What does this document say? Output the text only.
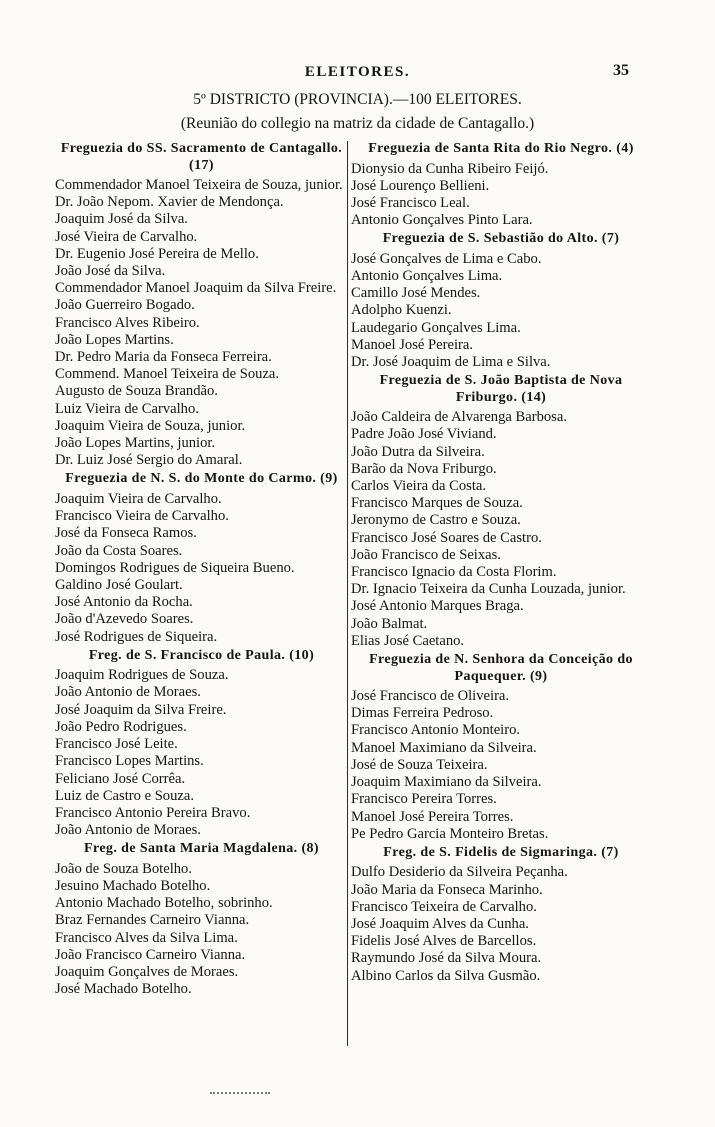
ELEITORES.	35
5º DISTRICTO (PROVINCIA).—100 ELEITORES.
(Reunião do collegio na matriz da cidade de Cantagallo.)
Freguezia do SS. Sacramento de Cantagallo. (17)
Commendador Manoel Teixeira de Souza, junior.
Dr. João Nepom. Xavier de Mendonça.
Joaquim José da Silva.
José Vieira de Carvalho.
Dr. Eugenio José Pereira de Mello.
João José da Silva.
Commendador Manoel Joaquim da Silva Freire.
João Guerreiro Bogado.
Francisco Alves Ribeiro.
João Lopes Martins.
Dr. Pedro Maria da Fonseca Ferreira.
Commend. Manoel Teixeira de Souza.
Augusto de Souza Brandão.
Luiz Vieira de Carvalho.
Joaquim Vieira de Souza, junior.
João Lopes Martins, junior.
Dr. Luiz José Sergio do Amaral.
Freguezia de N. S. do Monte do Carmo. (9)
Joaquim Vieira de Carvalho.
Francisco Vieira de Carvalho.
José da Fonseca Ramos.
João da Costa Soares.
Domingos Rodrigues de Siqueira Bueno.
Galdino José Goulart.
José Antonio da Rocha.
João d'Azevedo Soares.
José Rodrigues de Siqueira.
Freg. de S. Francisco de Paula. (10)
Joaquim Rodrigues de Souza.
João Antonio de Moraes.
José Joaquim da Silva Freire.
João Pedro Rodrigues.
Francisco José Leite.
Francisco Lopes Martins.
Feliciano José Corrêa.
Luiz de Castro e Souza.
Francisco Antonio Pereira Bravo.
João Antonio de Moraes.
Freg. de Santa Maria Magdalena. (8)
João de Souza Botelho.
Jesuino Machado Botelho.
Antonio Machado Botelho, sobrinho.
Braz Fernandes Carneiro Vianna.
Francisco Alves da Silva Lima.
João Francisco Carneiro Vianna.
Joaquim Gonçalves de Moraes.
José Machado Botelho.
Freguezia de Santa Rita do Rio Negro. (4)
Dionysio da Cunha Ribeiro Feijó.
José Lourenço Bellieni.
José Francisco Leal.
Antonio Gonçalves Pinto Lara.
Freguezia de S. Sebastião do Alto. (7)
José Gonçalves de Lima e Cabo.
Antonio Gonçalves Lima.
Camillo José Mendes.
Adolpho Kuenzi.
Laudegario Gonçalves Lima.
Manoel José Pereira.
Dr. José Joaquim de Lima e Silva.
Freguezia de S. João Baptista de Nova Friburgo. (14)
João Caldeira de Alvarenga Barbosa.
Padre João José Viviand.
João Dutra da Silveira.
Barão da Nova Friburgo.
Carlos Vieira da Costa.
Francisco Marques de Souza.
Jeronymo de Castro e Souza.
Francisco José Soares de Castro.
João Francisco de Seixas.
Francisco Ignacio da Costa Florim.
Dr. Ignacio Teixeira da Cunha Louzada, junior.
José Antonio Marques Braga.
João Balmat.
Elias José Caetano.
Freguezia de N. Senhora da Conceição do Paquequer. (9)
José Francisco de Oliveira.
Dimas Ferreira Pedroso.
Francisco Antonio Monteiro.
Manoel Maximiano da Silveira.
José de Souza Teixeira.
Joaquim Maximiano da Silveira.
Francisco Pereira Torres.
Manoel José Pereira Torres.
Pe Pedro Garcia Monteiro Bretas.
Freg. de S. Fidelis de Sigmaringa. (7)
Dulfo Desiderio da Silveira Peçanha.
João Maria da Fonseca Marinho.
Francisco Teixeira de Carvalho.
José Joaquim Alves da Cunha.
Fidelis José Alves de Barcellos.
Raymundo José da Silva Moura.
Albino Carlos da Silva Gusmão.
